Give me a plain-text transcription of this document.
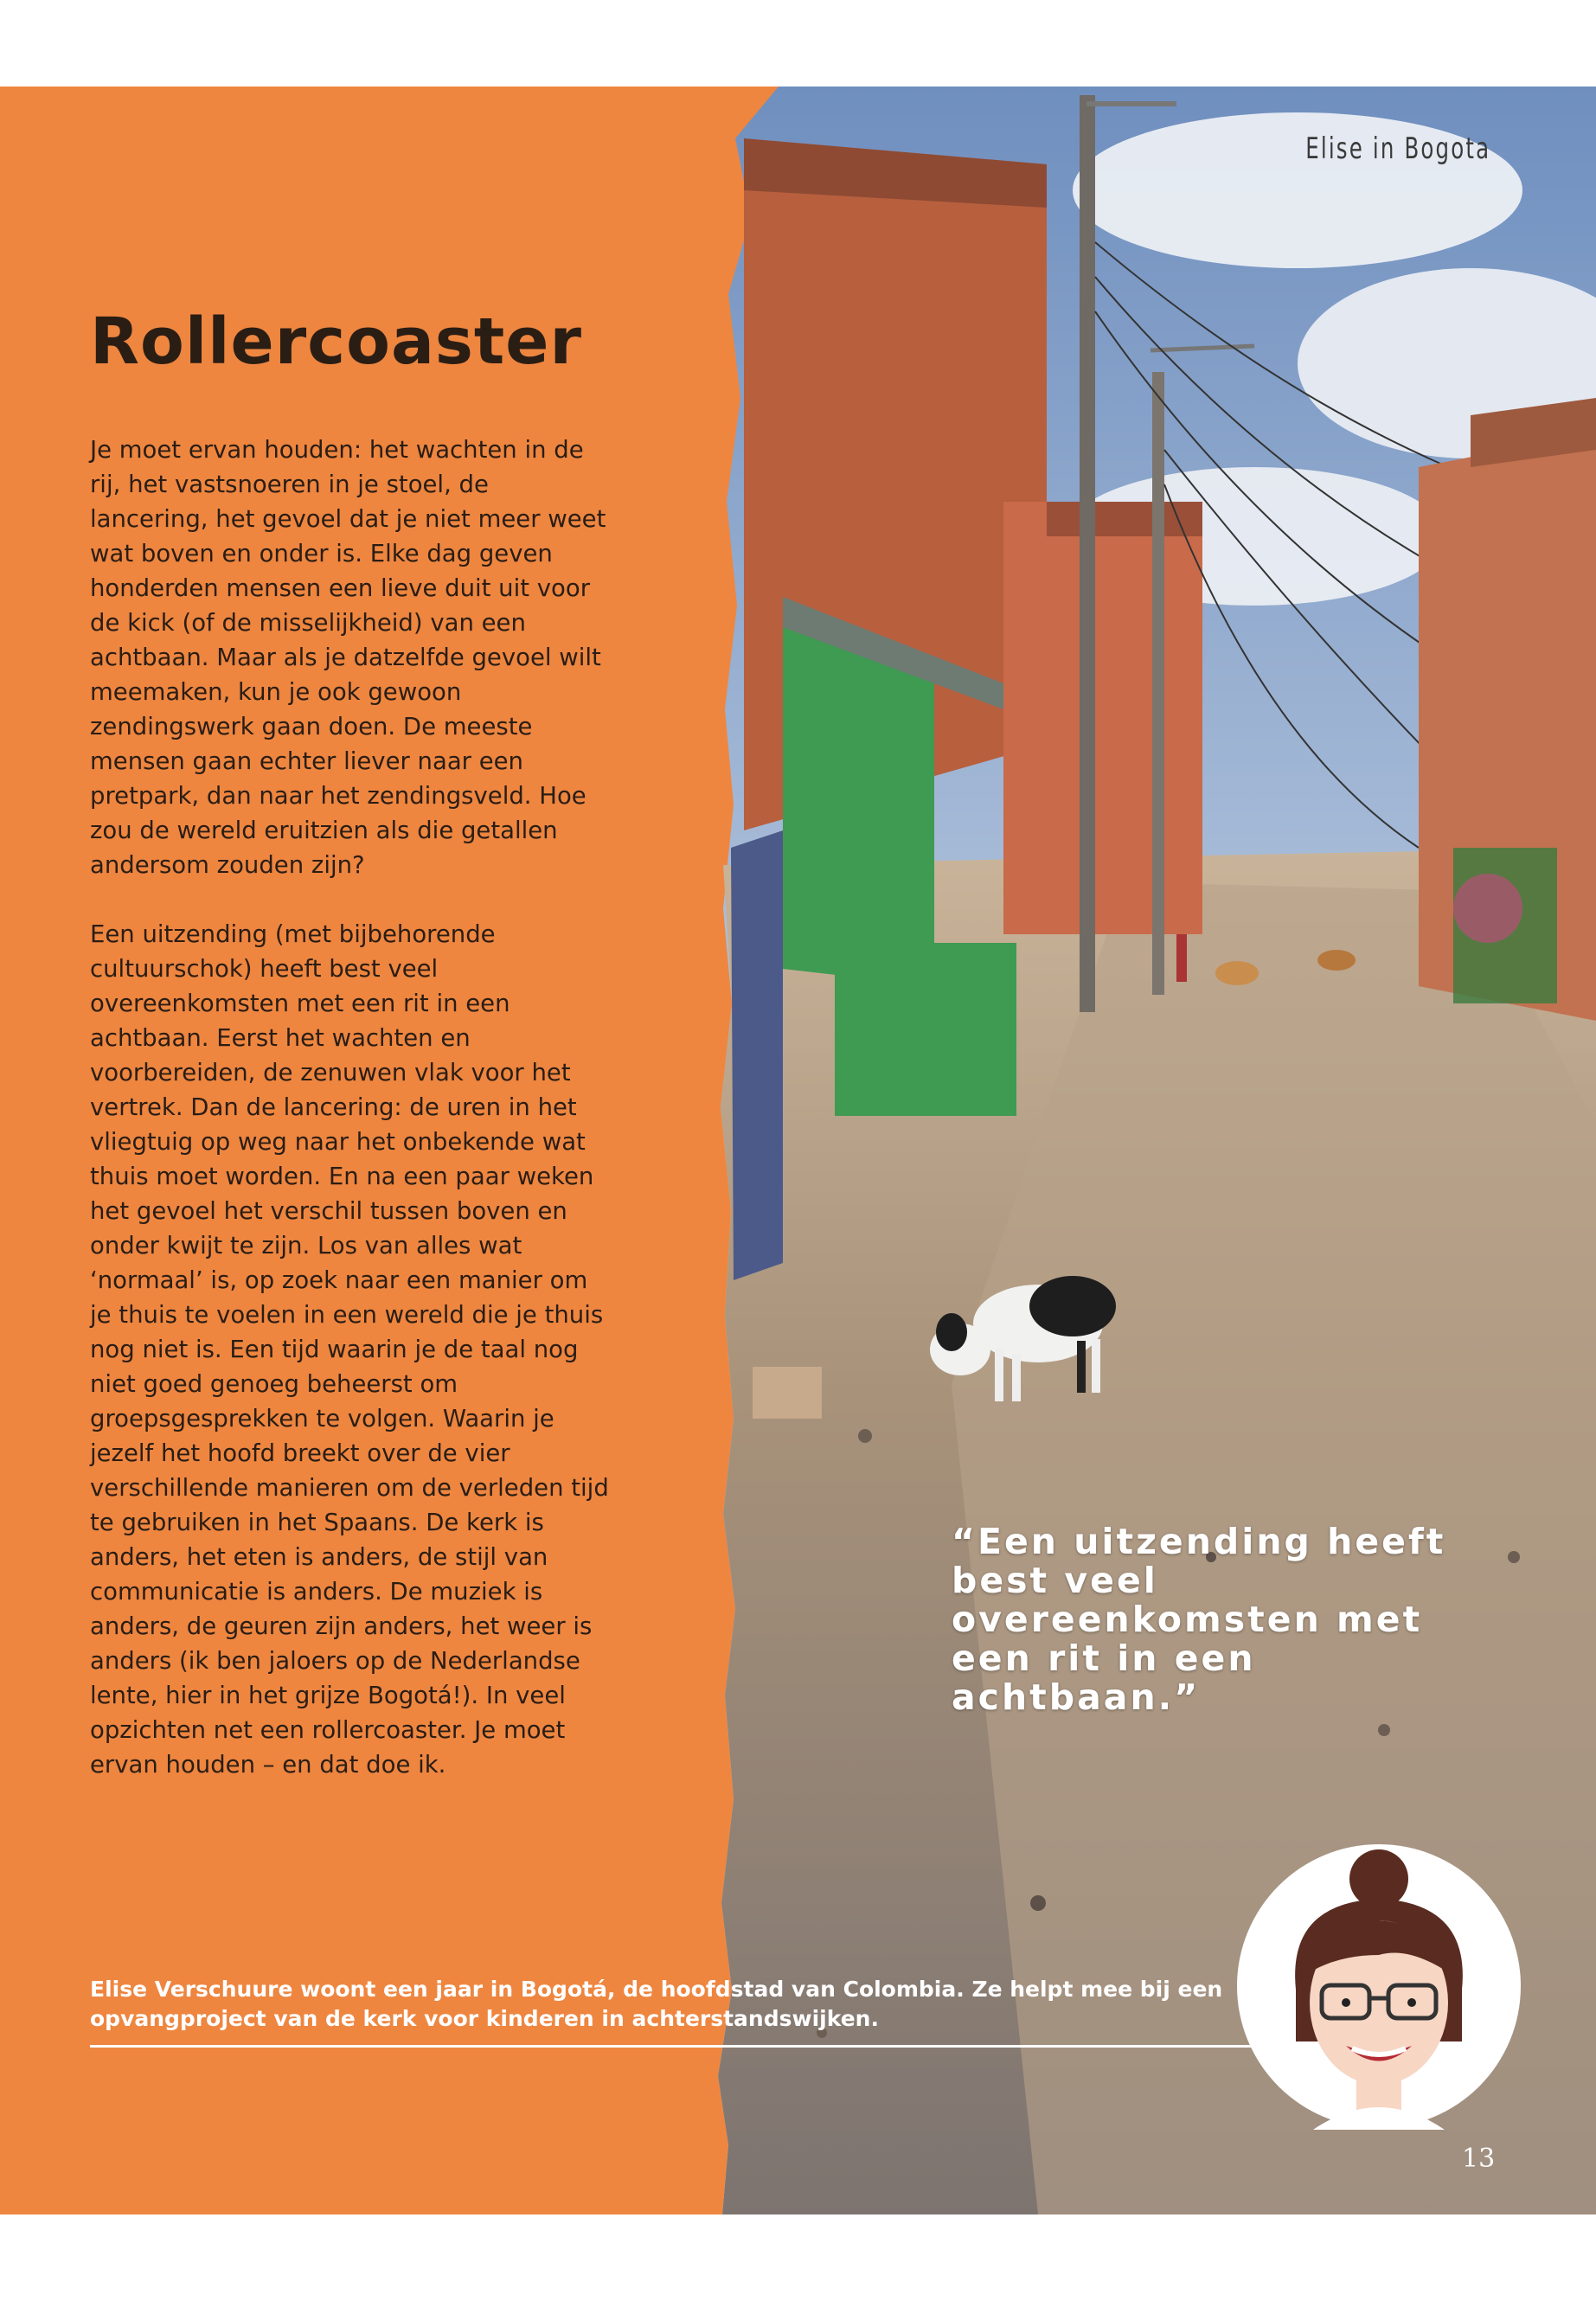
Elise in Bogota
Rollercoaster

Je moet ervan houden: het wachten in de rij, het vastsnoeren in je stoel, de lancering, het gevoel dat je niet meer weet wat boven en onder is. Elke dag geven honderden mensen een lieve duit uit voor de kick (of de misselijkheid) van een achtbaan. Maar als je datzelfde gevoel wilt meemaken, kun je ook gewoon zendingswerk gaan doen. De meeste mensen gaan echter liever naar een pretpark, dan naar het zendingsveld. Hoe zou de wereld eruitzien als die getallen andersom zouden zijn?

Een uitzending (met bijbehorende cultuurschok) heeft best veel overeenkomsten met een rit in een achtbaan. Eerst het wachten en voorbereiden, de zenuwen vlak voor het vertrek. Dan de lancering: de uren in het vliegtuig op weg naar het onbekende wat thuis moet worden. En na een paar weken het gevoel het verschil tussen boven en onder kwijt te zijn. Los van alles wat ‘normaal’ is, op zoek naar een manier om je thuis te voelen in een wereld die je thuis nog niet is. Een tijd waarin je de taal nog niet goed genoeg beheerst om groepsgesprekken te volgen. Waarin je jezelf het hoofd breekt over de vier verschillende manieren om de verleden tijd te gebruiken in het Spaans. De kerk is anders, het eten is anders, de stijl van communicatie is anders. De muziek is anders, de geuren zijn anders, het weer is anders (ik ben jaloers op de Nederlandse lente, hier in het grijze Bogotá!). In veel opzichten net een rollercoaster. Je moet ervan houden – en dat doe ik.

“Een uitzending heeft best veel overeenkomsten met een rit in een achtbaan.”
Elise Verschuure woont een jaar in Bogotá, de hoofdstad van Colombia. Ze helpt mee bij een opvangproject van de kerk voor kinderen in achterstandswijken.
13
